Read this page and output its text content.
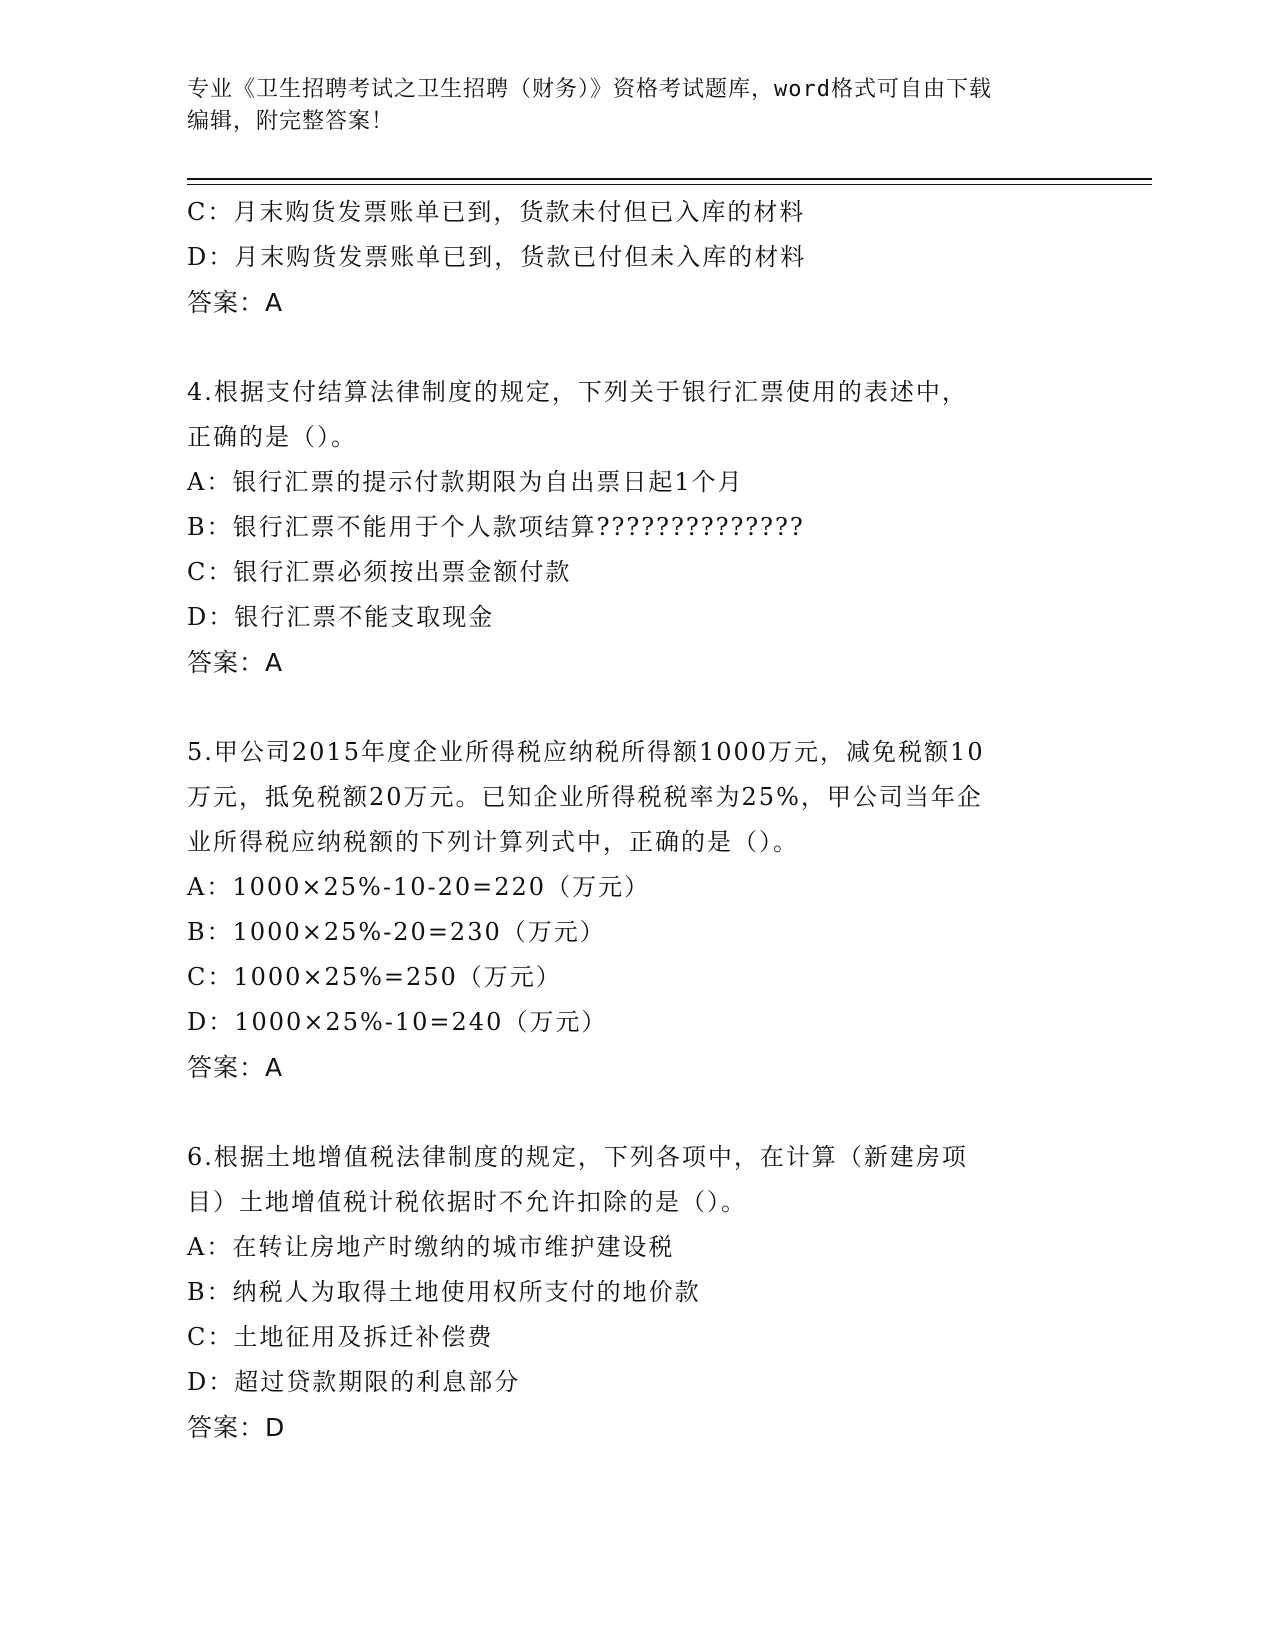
专业《卫生招聘考试之卫生招聘（财务）》资格考试题库，word格式可自由下载
编辑，附完整答案！
C：月末购货发票账单已到，货款未付但已入库的材料
D：月末购货发票账单已到，货款已付但未入库的材料
答案：A
4.根据支付结算法律制度的规定，下列关于银行汇票使用的表述中，
正确的是（）。
A：银行汇票的提示付款期限为自出票日起1个月
B：银行汇票不能用于个人款项结算??????????????
C：银行汇票必须按出票金额付款
D：银行汇票不能支取现金
答案：A
5.甲公司2015年度企业所得税应纳税所得额1000万元，减免税额10
万元，抵免税额20万元。已知企业所得税税率为25%，甲公司当年企
业所得税应纳税额的下列计算列式中，正确的是（）。
A：1000×25%-10-20=220（万元）
B：1000×25%-20=230（万元）
C：1000×25%=250（万元）
D：1000×25%-10=240（万元）
答案：A
6.根据土地增值税法律制度的规定，下列各项中，在计算（新建房项
目）土地增值税计税依据时不允许扣除的是（）。
A：在转让房地产时缴纳的城市维护建设税
B：纳税人为取得土地使用权所支付的地价款
C：土地征用及拆迁补偿费
D：超过贷款期限的利息部分
答案：D
